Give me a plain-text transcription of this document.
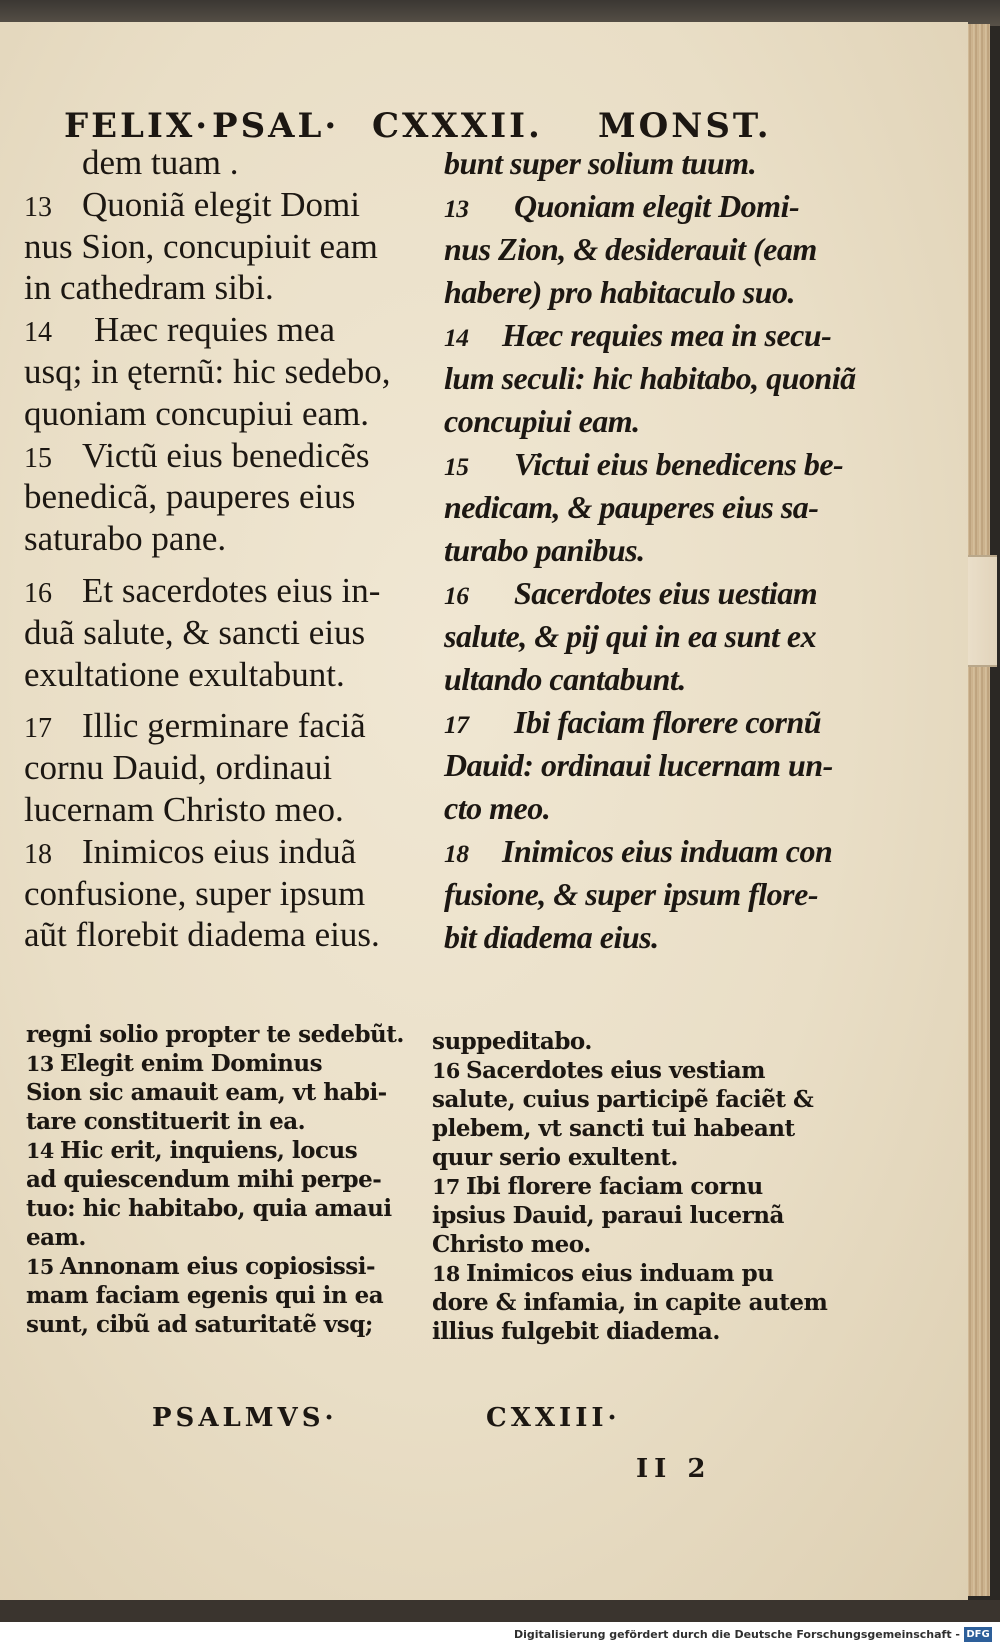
FELIX· PSAL· CXXXII. MONST.
dem tuam .
13 Quoniã elegit Domi
nus Sion, concupiuit eam
in cathedram sibi.
14 Hæc requies mea
usq; in ęternũ: hic sedebo,
quoniam concupiui eam.
15 Victũ eius benedicẽs
benedicã, pauperes eius
saturabo pane.
16 Et sacerdotes eius in-
duã salute, & sancti eius
exultatione exultabunt.
17 Illic germinare faciã
cornu Dauid, ordinaui
lucernam Christo meo.
18 Inimicos eius induã
confusione, super ipsum
aũt florebit diadema eius.
bunt super solium tuum.
13 Quoniam elegit Domi-
nus Zion, & desiderauit (eam
habere) pro habitaculo suo.
14 Hæc requies mea in secu-
lum seculi: hic habitabo, quoniã
concupiui eam.
15 Victui eius benedicens be-
nedicam, & pauperes eius sa-
turabo panibus.
16 Sacerdotes eius uestiam
salute, & pij qui in ea sunt ex
ultando cantabunt.
17 Ibi faciam florere cornũ
Dauid: ordinaui lucernam un-
cto meo.
18 Inimicos eius induam con
fusione, & super ipsum flore-
bit diadema eius.
regni solio propter te sedebũt.
13 Elegit enim Dominus
Sion sic amauit eam, vt habi-
tare constituerit in ea.
14 Hic erit, inquiens, locus
ad quiescendum mihi perpe-
tuo: hic habitabo, quia amaui
eam.
15 Annonam eius copiosissi-
mam faciam egenis qui in ea
sunt, cibũ ad saturitatẽ vsq;
suppeditabo.
16 Sacerdotes eius vestiam
salute, cuius participẽ faciẽt &
plebem, vt sancti tui habeant
quur serio exultent.
17 Ibi florere faciam cornu
ipsius Dauid, paraui lucernã
Christo meo.
18 Inimicos eius induam pu
dore & infamia, in capite autem
illius fulgebit diadema.
PSALMVS·	CXXIII·
II 2
Digitalisierung gefördert durch die Deutsche Forschungsgemeinschaft - DFG
